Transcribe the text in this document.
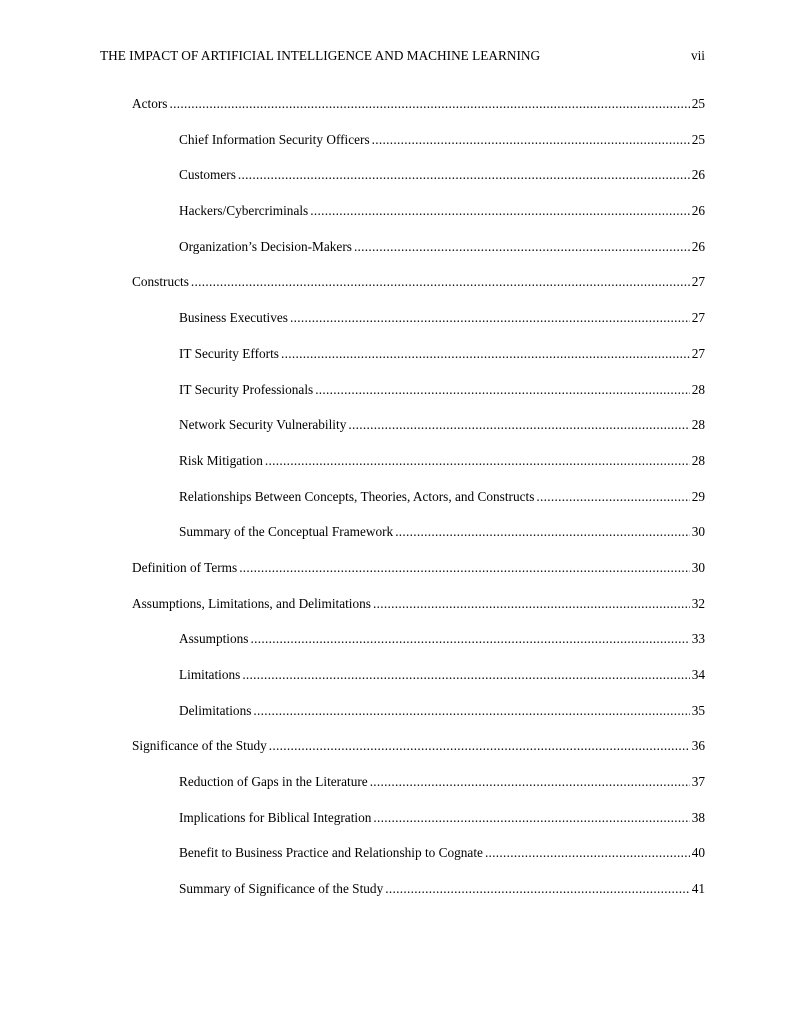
THE IMPACT OF ARTIFICIAL INTELLIGENCE AND MACHINE LEARNING	vii
Actors .....	25
Chief Information Security Officers .....	25
Customers .....	26
Hackers/Cybercriminals .....	26
Organization’s Decision-Makers .....	26
Constructs .....	27
Business Executives .....	27
IT Security Efforts .....	27
IT Security Professionals .....	28
Network Security Vulnerability .....	28
Risk Mitigation .....	28
Relationships Between Concepts, Theories, Actors, and Constructs .....	29
Summary of the Conceptual Framework .....	30
Definition of Terms .....	30
Assumptions, Limitations, and Delimitations .....	32
Assumptions .....	33
Limitations .....	34
Delimitations .....	35
Significance of the Study .....	36
Reduction of Gaps in the Literature .....	37
Implications for Biblical Integration .....	38
Benefit to Business Practice and Relationship to Cognate .....	40
Summary of Significance of the Study .....	41
